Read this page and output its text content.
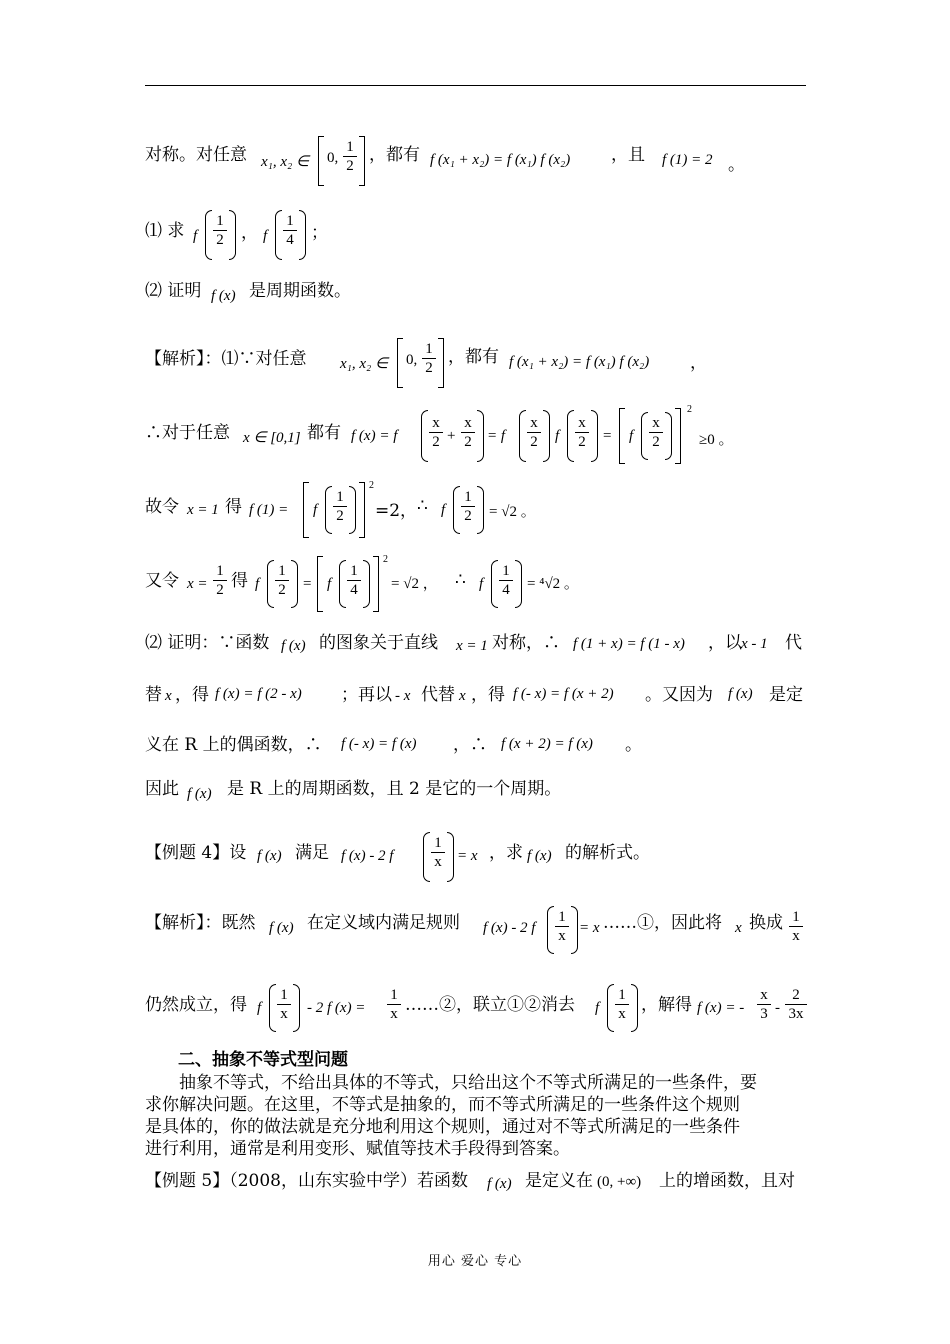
对称。对任意 x₁, x₂ ∈ 0, $\frac{1}{2}$ ，都有 f (x₁ + x₂) = f (x₁) f (x₂) ，且 f (1) = 2 。
⑴ 求 f $\frac{1}{2}$ ， f $\frac{1}{4}$ ；
⑵ 证明 f (x) 是周期函数。
【解析】：⑴∵对任意 x₁, x₂ ∈ 0, $\frac{1}{2}$ ，都有 f (x₁ + x₂) = f (x₁) f (x₂) ，
∴对于任意 x ∈ [0,1] 都有 f (x) = f $\frac{x}{2} + \frac{x}{2} = f \frac{x}{2}$ f $\frac{x}{2} = f \frac{x}{2}$
2
≥0 。
故令 x = 1 得 f (1) = f $\frac{1}{2}$
2
=2， ∴ f $\frac{1}{2} = √2$ 。
又令 $x = \frac{1}{2}$ 得 f $\frac{1}{2} = f \frac{1}{4}$
2
= √2 ， ∴ f $\frac{1}{4} = ^4√2$ 。
⑵ 证明：∵函数 f (x) 的图象关于直线 x = 1 对称，∴ f (1 + x) = f (1 - x) ，以 x - 1 代
替 x ，得 f (x) = f (2 - x) ；再以 - x 代替 x ，得 f (- x) = f (x + 2) 。又因为 f (x) 是定
义在 R 上的偶函数，∴ f (- x) = f (x) ，∴ f (x + 2) = f (x) 。
因此 f (x) 是 R 上的周期函数，且 2 是它的一个周期。
【例题 4】设 f (x) 满足 f (x) - 2 f	$\frac{1}{x} = x$ ，求 f (x) 的解析式。
【解析】：既然 f (x) 在定义域内满足规则 f (x) - 2 f $\frac{1}{x} = x$ ……①，因此将 x 换成 $\frac{1}{x}$
仍然成立，得 f $\frac{1}{x} - 2$ f $(x) = \frac{1}{x}$ ……②，联立①②消去 f $\frac{1}{x}$ ，解得 f (x) = - $\frac{x}{3} - \frac{2}{3x}$
二、抽象不等式型问题
抽象不等式，不给出具体的不等式，只给出这个不等式所满足的一些条件，要
求你解决问题。在这里，不等式是抽象的，而不等式所满足的一些条件这个规则
是具体的，你的做法就是充分地利用这个规则，通过对不等式所满足的一些条件
进行利用，通常是利用变形、赋值等技术手段得到答案。
【例题 5】（2008，山东实验中学）若函数 f (x) 是定义在 (0, +∞) 上的增函数，且对
用心 爱心 专心
